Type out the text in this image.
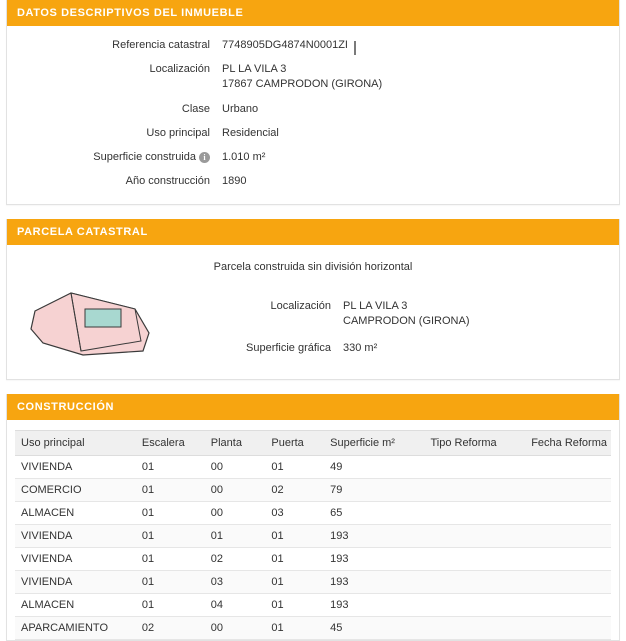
DATOS DESCRIPTIVOS DEL INMUEBLE
Referencia catastral	7748905DG4874N0001ZI
Localización	PL LA VILA 3
17867 CAMPRODON (GIRONA)
Clase	Urbano
Uso principal	Residencial
Superficie construida i	1.010 m²
Año construcción	1890
PARCELA CATASTRAL
Parcela construida sin división horizontal
Localización	PL LA VILA 3
CAMPRODON (GIRONA)
Superficie gráfica	330 m²
CONSTRUCCIÓN
Uso principal	Escalera	Planta	Puerta	Superficie m²	Tipo Reforma	Fecha Reforma
VIVIENDA	01	00	01	49		
COMERCIO	01	00	02	79		
ALMACEN	01	00	03	65		
VIVIENDA	01	01	01	193		
VIVIENDA	01	02	01	193		
VIVIENDA	01	03	01	193		
ALMACEN	01	04	01	193		
APARCAMIENTO	02	00	01	45		
